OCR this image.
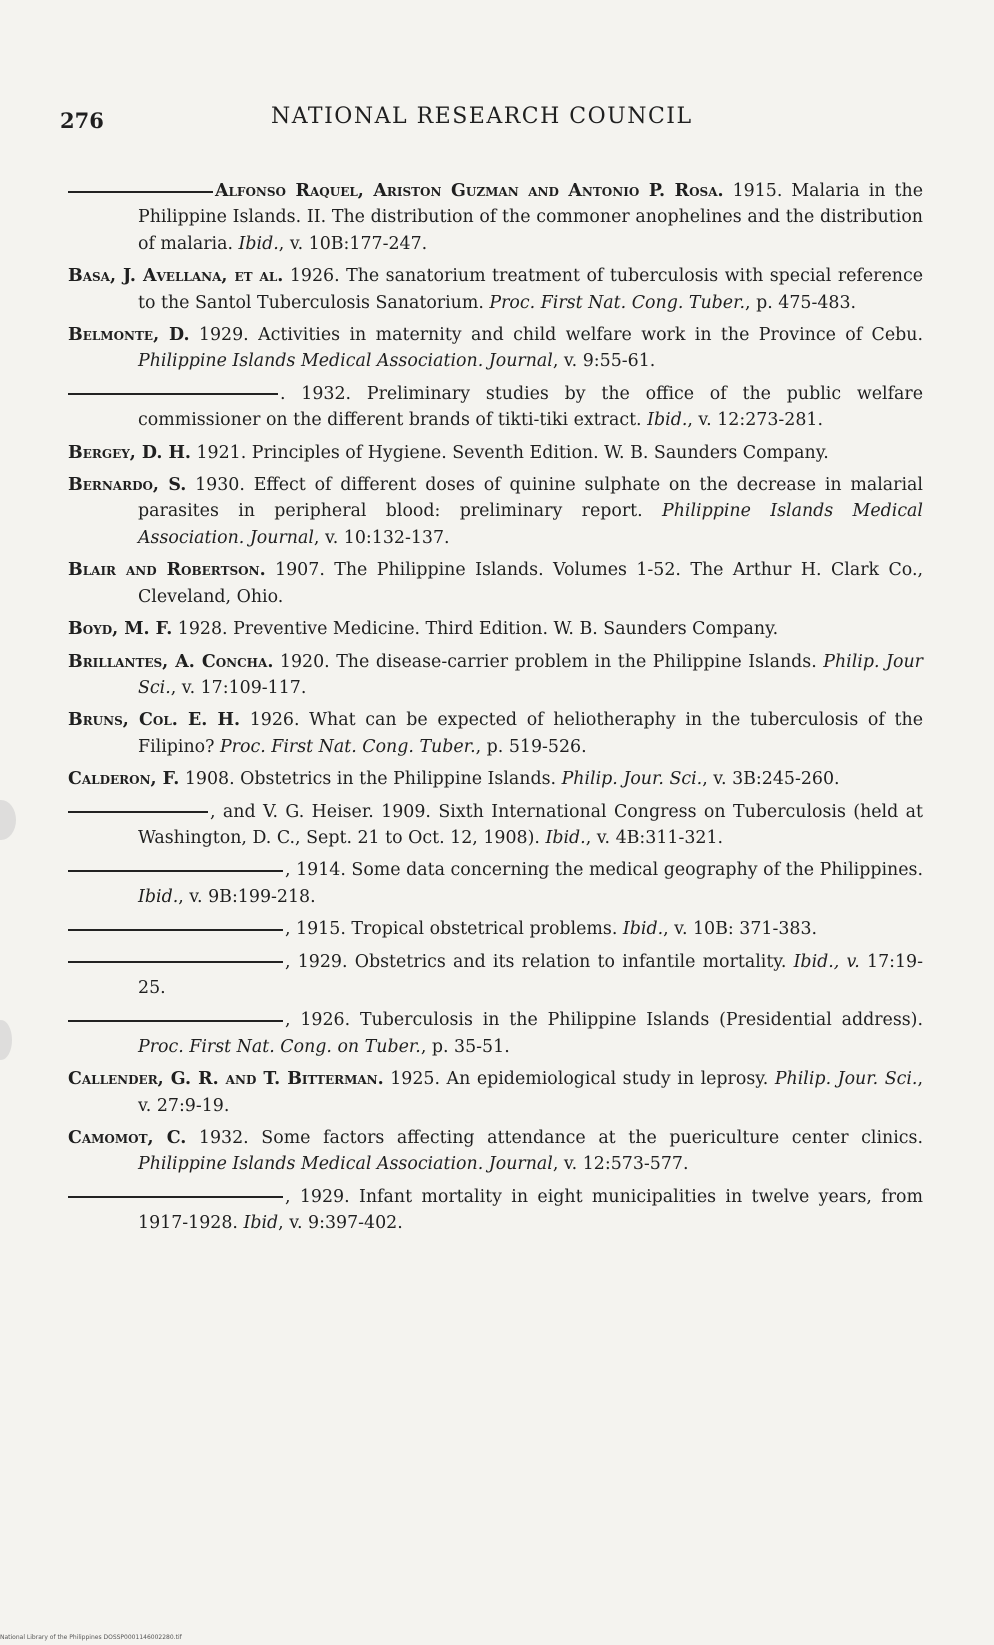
276	NATIONAL RESEARCH COUNCIL

Alfonso Raquel, Ariston Guzman and Antonio P. Rosa. 1915. Malaria in the Philippine Islands. II. The distribution of the commoner anophelines and the distribution of malaria. Ibid., v. 10B:177-247.

Basa, J. Avellana, et al. 1926. The sanatorium treatment of tuberculosis with special reference to the Santol Tuberculosis Sanatorium. Proc. First Nat. Cong. Tuber., p. 475-483.

Belmonte, D. 1929. Activities in maternity and child welfare work in the Province of Cebu. Philippine Islands Medical Association. Journal, v. 9:55-61.

. 1932. Preliminary studies by the office of the public welfare commissioner on the different brands of tikti-tiki extract. Ibid., v. 12:273-281.

Bergey, D. H. 1921. Principles of Hygiene. Seventh Edition. W. B. Saunders Company.

Bernardo, S. 1930. Effect of different doses of quinine sulphate on the decrease in malarial parasites in peripheral blood: preliminary report. Philippine Islands Medical Association. Journal, v. 10:132-137.

Blair and Robertson. 1907. The Philippine Islands. Volumes 1-52. The Arthur H. Clark Co., Cleveland, Ohio.

Boyd, M. F. 1928. Preventive Medicine. Third Edition. W. B. Saunders Company.

Brillantes, A. Concha. 1920. The disease-carrier problem in the Philippine Islands. Philip. Jour Sci., v. 17:109-117.

Bruns, Col. E. H. 1926. What can be expected of heliotheraphy in the tuberculosis of the Filipino? Proc. First Nat. Cong. Tuber., p. 519-526.

Calderon, F. 1908. Obstetrics in the Philippine Islands. Philip. Jour. Sci., v. 3B:245-260.

, and V. G. Heiser. 1909. Sixth International Congress on Tuberculosis (held at Washington, D. C., Sept. 21 to Oct. 12, 1908). Ibid., v. 4B:311-321.

, 1914. Some data concerning the medical geography of the Philippines. Ibid., v. 9B:199-218.

, 1915. Tropical obstetrical problems. Ibid., v. 10B: 371-383.

, 1929. Obstetrics and its relation to infantile mortality. Ibid., v. 17:19-25.

, 1926. Tuberculosis in the Philippine Islands (Presidential address). Proc. First Nat. Cong. on Tuber., p. 35-51.

Callender, G. R. and T. Bitterman. 1925. An epidemiological study in leprosy. Philip. Jour. Sci., v. 27:9-19.

Camomot, C. 1932. Some factors affecting attendance at the puericulture center clinics. Philippine Islands Medical Association. Journal, v. 12:573-577.

, 1929. Infant mortality in eight municipalities in twelve years, from 1917-1928. Ibid, v. 9:397-402.

National Library of the Philippines DOSSP0001146002280.tif
